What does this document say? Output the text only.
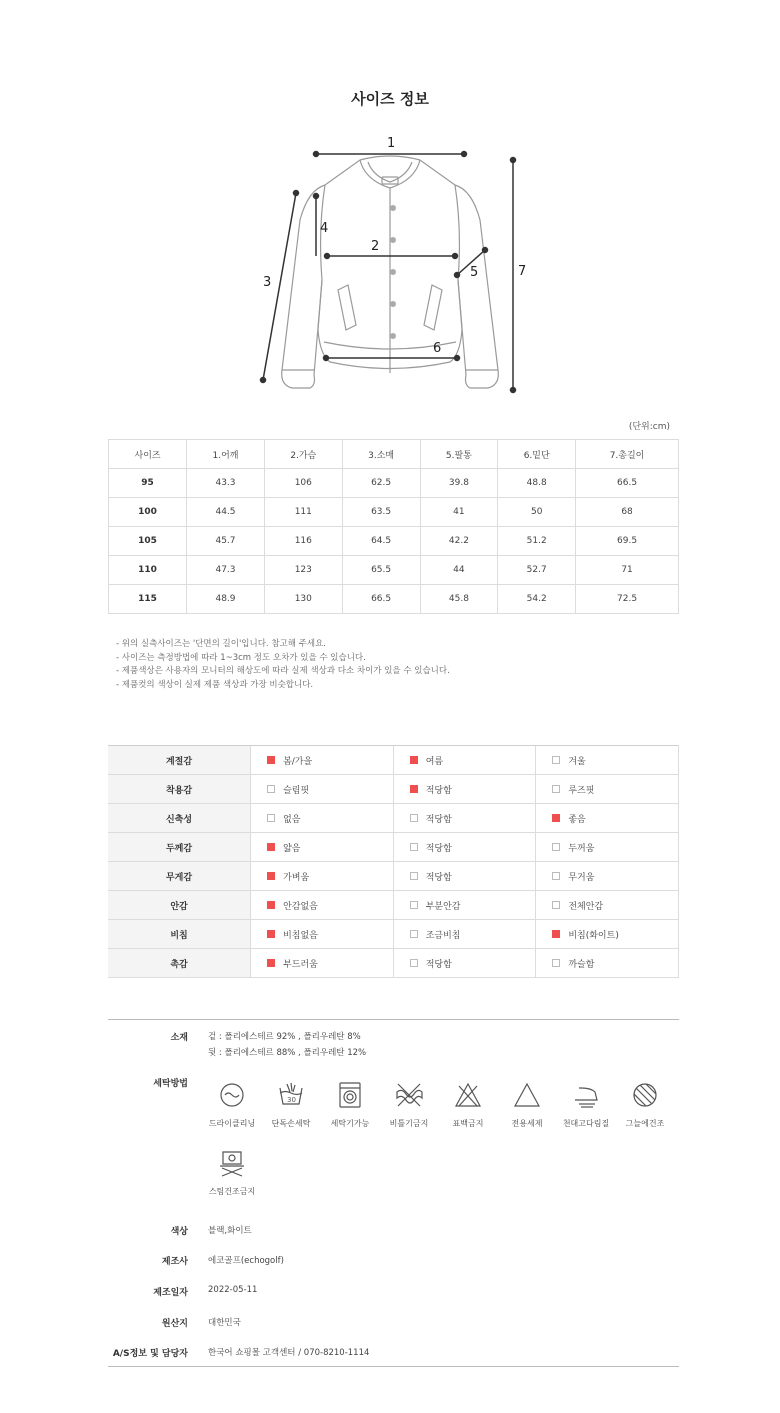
사이즈 정보
1
2
3
4
5
6
7
(단위:cm)
사이즈	1.어깨	2.가슴	3.소매	5.팔통	6.밑단	7.총길이
95	43.3	106	62.5	39.8	48.8	66.5
100	44.5	111	63.5	41	50	68
105	45.7	116	64.5	42.2	51.2	69.5
110	47.3	123	65.5	44	52.7	71
115	48.9	130	66.5	45.8	54.2	72.5
- 위의 실측사이즈는 '단면의 길이'입니다. 참고해 주세요.
- 사이즈는 측정방법에 따라 1~3cm 정도 오차가 있을 수 있습니다.
- 제품색상은 사용자의 모니터의 해상도에 따라 실제 색상과 다소 차이가 있을 수 있습니다.
- 제품컷의 색상이 실제 제품 색상과 가장 비슷합니다.
계절감	봄/가을	여름	겨울
착용감	슬림핏	적당함	루즈핏
신축성	없음	적당함	좋음
두께감	얇음	적당함	두꺼움
무게감	가벼움	적당함	무거움
안감	안감없음	부분안감	전체안감
비침	비침없음	조금비침	비침(화이트)
촉감	부드러움	적당함	까슬함
소재 겉 : 폴리에스테르 92% , 폴리우레탄 8%
뒷 : 폴리에스테르 88% , 폴리우레탄 12%
세탁방법
드라이클리닝
30
단독손세탁	세탁기가능	비틀기금지	표백금지	전용세제	천대고다림질	그늘에건조
스팀건조금지
색상 블랙,화이트
제조사 에코골프(echogolf)
제조일자 2022-05-11
원산지 대한민국
A/S정보 및 담당자 한국어 쇼핑몰 고객센터 / 070-8210-1114
